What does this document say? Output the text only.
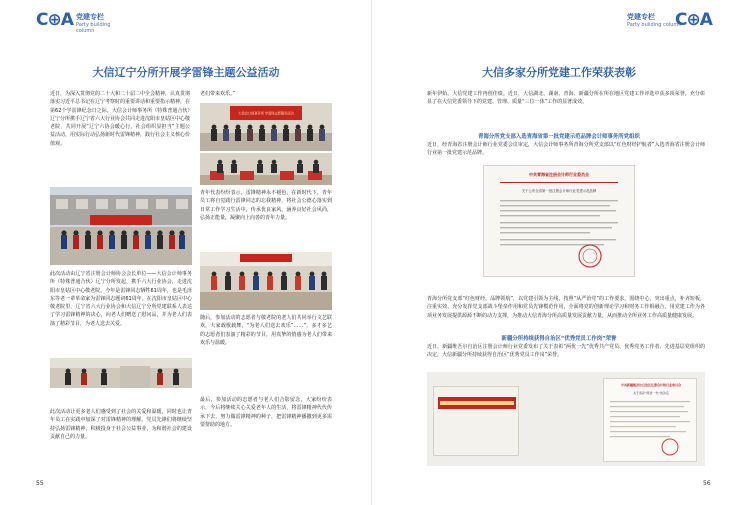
C⊕A 党建专栏
Party building column
大信辽宁分所开展学雷锋主题公益活动
近日，为深入贯彻党的二十大和二十届二中全会精神，认真贯彻落实习近平总书记在辽宁考察时的重要讲话和重要指示精神，在第62个学雷锋纪念日之际，大信会计师事务所（特殊普通合伙）辽宁分所携手辽宁省六大行业协会共同走进沈阳市皇姑区中心敬老院，共同开展“辽宁六协会暖心行，社会组织显担当”主题公益活动，用实际行动弘扬新时代雷锋精神，践行社会主义核心价值观。
老们带来欢乐。”
大信会计师事务所 学雷锋志愿服务活动
青年代表纷纷表示，雷锋精神永不褪色，在新时代下，青年员工将自觉践行雷锋同志的忘我精神，将社会公德心落实到日常工作学习生活中，传承优良家风，涵养良好社会风尚，弘扬正能量，凝聚向上向善的青年力量。
此次活动由辽宁省注册会计师协会会长单位——大信会计师事务所（特殊普通合伙）辽宁分所发起，携手六大行业协会，走进沈阳市皇姑区中心敬老院。今年是雷锋同志牺牲61周年，也是毛泽东等老一辈革命家为雷锋同志题词61周年。在沈阳市皇姑区中心敬老院里，辽宁省六大行业协会和大信辽宁分所党建联系人表达了学习雷锋精神的决心，向老人们赠送了慰问品，并为老人们表演了精彩节目，为老人送去关爱。
随后，参加活动的志愿者与敬老院的老人们共同举行文艺联欢，大家载歌载舞，“为老人们送去欢乐”……”，多才多艺的志愿者们表演了精彩的节目，用真挚的情感为老人们带来欢乐与温暖。
最后，参加活动的志愿者与老人们合影留念，大家纷纷表示，今后将继续关心关爱老年人的生活，将雷锋精神代代传承下去，努力做雷锋精神的种子，把雷锋精神播撒到更多需要帮助的地方。
此次活动让更多老人们感受到了社会的关爱和温暖，同时也让青年员工在实践中加深了对雷锋精神的理解。党员先锋们将继续坚持弘扬雷锋精神，积极投身于社会公益事业，为和谐社会的建设贡献自己的力量。
55
党建专栏
Party building column
C⊕A
大信多家分所党建工作荣获表彰
新年伊始，大信党建工作再创佳绩。近日，大信湖北、湖南、青海、新疆分所在所在地区党建工作评选中获多项荣誉，充分彰显了在大信党委领导下的党建、管理、质量“三位一体”工作的显著成效。
青海分所党支部入选青海省第一批党建示范品牌会计师事务所党组织
近日，经青海省注册会计师行业党委会议审定，大信会计师事务所青海分所党支部以“红色财经护航者”入选青海省注册会计师行业第一批党建示范品牌。
中共青海省注册会计师行业委员会
关于公布全省第一批注册会计师行业党建示范品牌
青海分所党支部“红色财经，品牌领航”，以党建引领为主线，按照“从严治党”的工作要求，围绕中心，突出重点，补齐短板，注重实效，充分发挥党支部战斗堡垒作用和党员先锋模范作用，全面将党的创新理论学习和财务工作相融合，用党建工作为各项业务发展提供源源不断的动力支撑，为推动大信青海分所高质量发展贡献力量，从而推动全所业务工作高质量健康发展。
新疆分所持续获得自治区“优秀党员工作岗”荣誉
近日，新疆维吾尔自治区注册会计师行业党委发布了关于表彰“两优一先”优秀共产党员、优秀党务工作者、先进基层党组织的决定，大信新疆分所持续获得自治区“优秀党员工作岗”荣誉。
中共新疆维吾尔自治区注册会计师行业委员会
关于表彰“两优一先”的决定
56
